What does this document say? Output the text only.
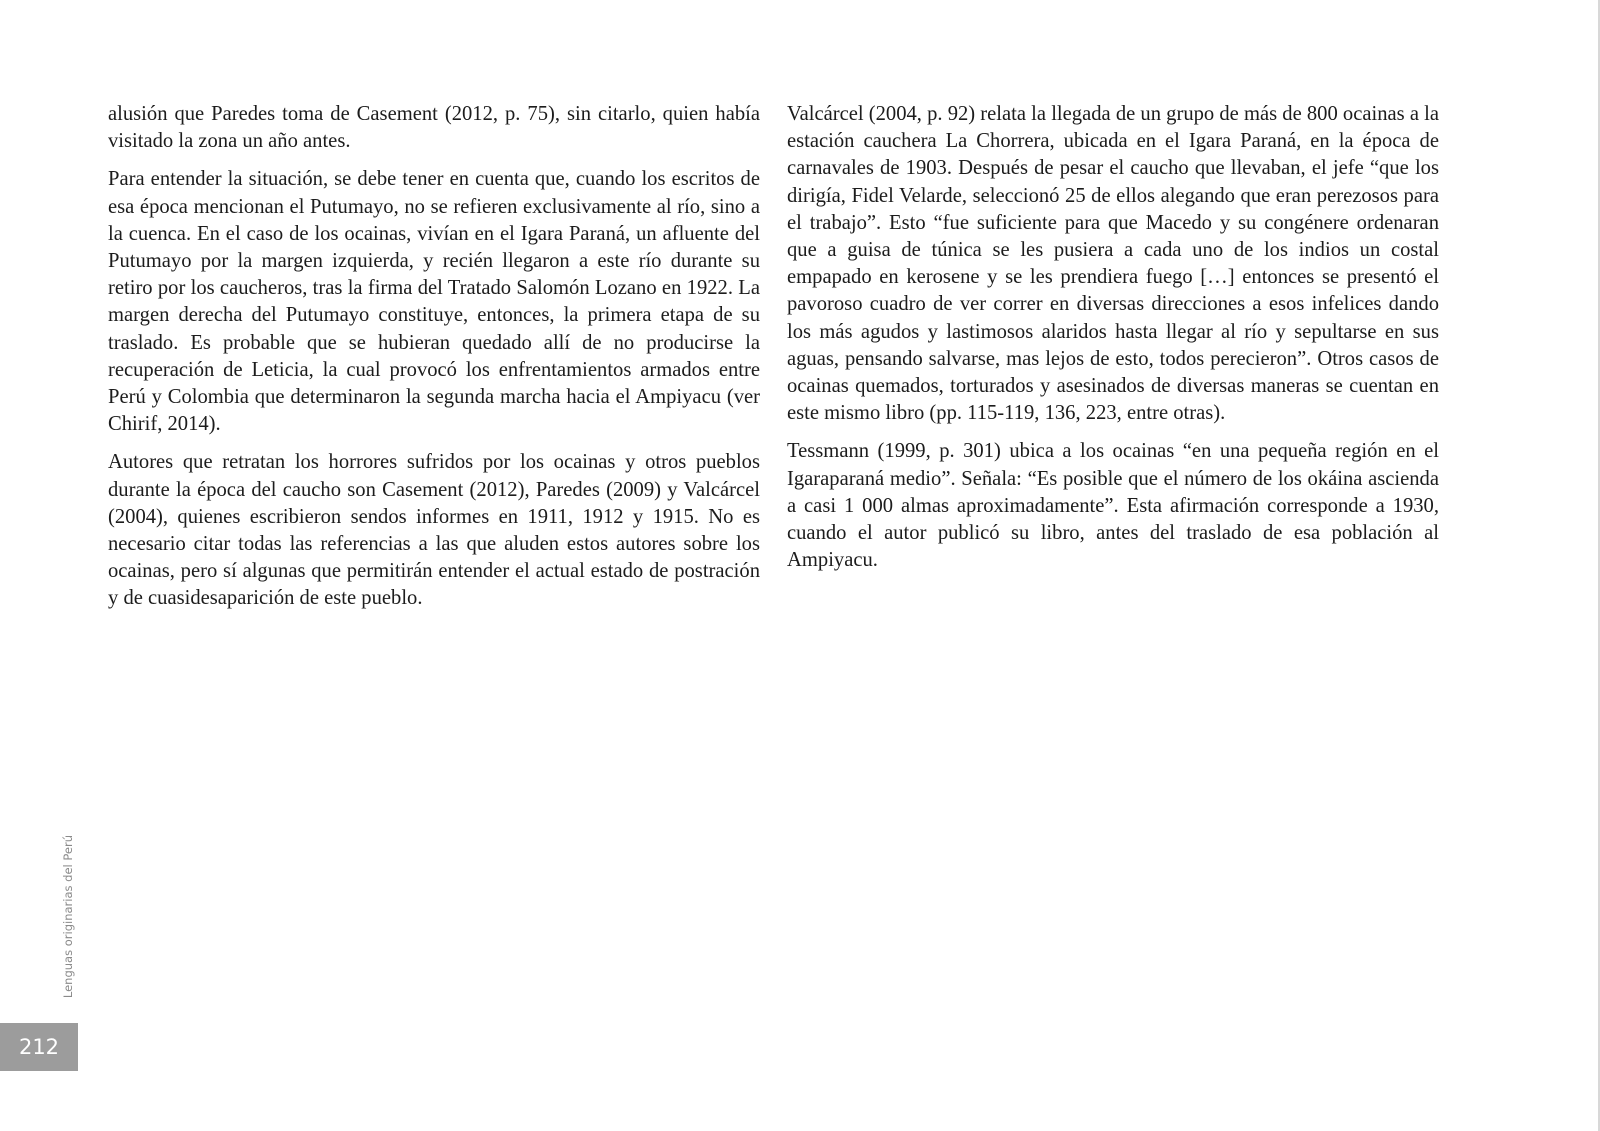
alusión que Paredes toma de Casement (2012, p. 75), sin citarlo, quien había visitado la zona un año antes.

Para entender la situación, se debe tener en cuenta que, cuando los escritos de esa época mencionan el Putumayo, no se refieren exclusivamente al río, sino a la cuenca. En el caso de los ocainas, vivían en el Igara Paraná, un afluente del Putumayo por la margen izquierda, y recién llegaron a este río durante su retiro por los caucheros, tras la firma del Tratado Salomón Lozano en 1922. La margen derecha del Putumayo constituye, entonces, la primera etapa de su traslado. Es probable que se hubieran quedado allí de no producirse la recuperación de Leticia, la cual provocó los enfrentamientos armados entre Perú y Colombia que determinaron la segunda marcha hacia el Ampiyacu (ver Chirif, 2014).

Autores que retratan los horrores sufridos por los ocainas y otros pueblos durante la época del caucho son Casement (2012), Paredes (2009) y Valcárcel (2004), quienes escribieron sendos informes en 1911, 1912 y 1915. No es necesario citar todas las referencias a las que aluden estos autores sobre los ocainas, pero sí algunas que permitirán entender el actual estado de postración y de cuasidesaparición de este pueblo.

Valcárcel (2004, p. 92) relata la llegada de un grupo de más de 800 ocainas a la estación cauchera La Chorrera, ubicada en el Igara Paraná, en la época de carnavales de 1903. Después de pesar el caucho que llevaban, el jefe “que los dirigía, Fidel Velarde, seleccionó 25 de ellos alegando que eran perezosos para el trabajo”. Esto “fue suficiente para que Macedo y su congénere ordenaran que a guisa de túnica se les pusiera a cada uno de los indios un costal empapado en kerosene y se les prendiera fuego […] entonces se presentó el pavoroso cuadro de ver correr en diversas direcciones a esos infelices dando los más agudos y lastimosos alaridos hasta llegar al río y sepultarse en sus aguas, pensando salvarse, mas lejos de esto, todos perecieron”. Otros casos de ocainas quemados, torturados y asesinados de diversas maneras se cuentan en este mismo libro (pp. 115-119, 136, 223, entre otras).

Tessmann (1999, p. 301) ubica a los ocainas “en una pequeña región en el Igaraparaná medio”. Señala: “Es posible que el número de los okáina ascienda a casi 1 000 almas aproximadamente”. Esta afirmación corresponde a 1930, cuando el autor publicó su libro, antes del traslado de esa población al Ampiyacu.

Lenguas originarias del Perú
212
